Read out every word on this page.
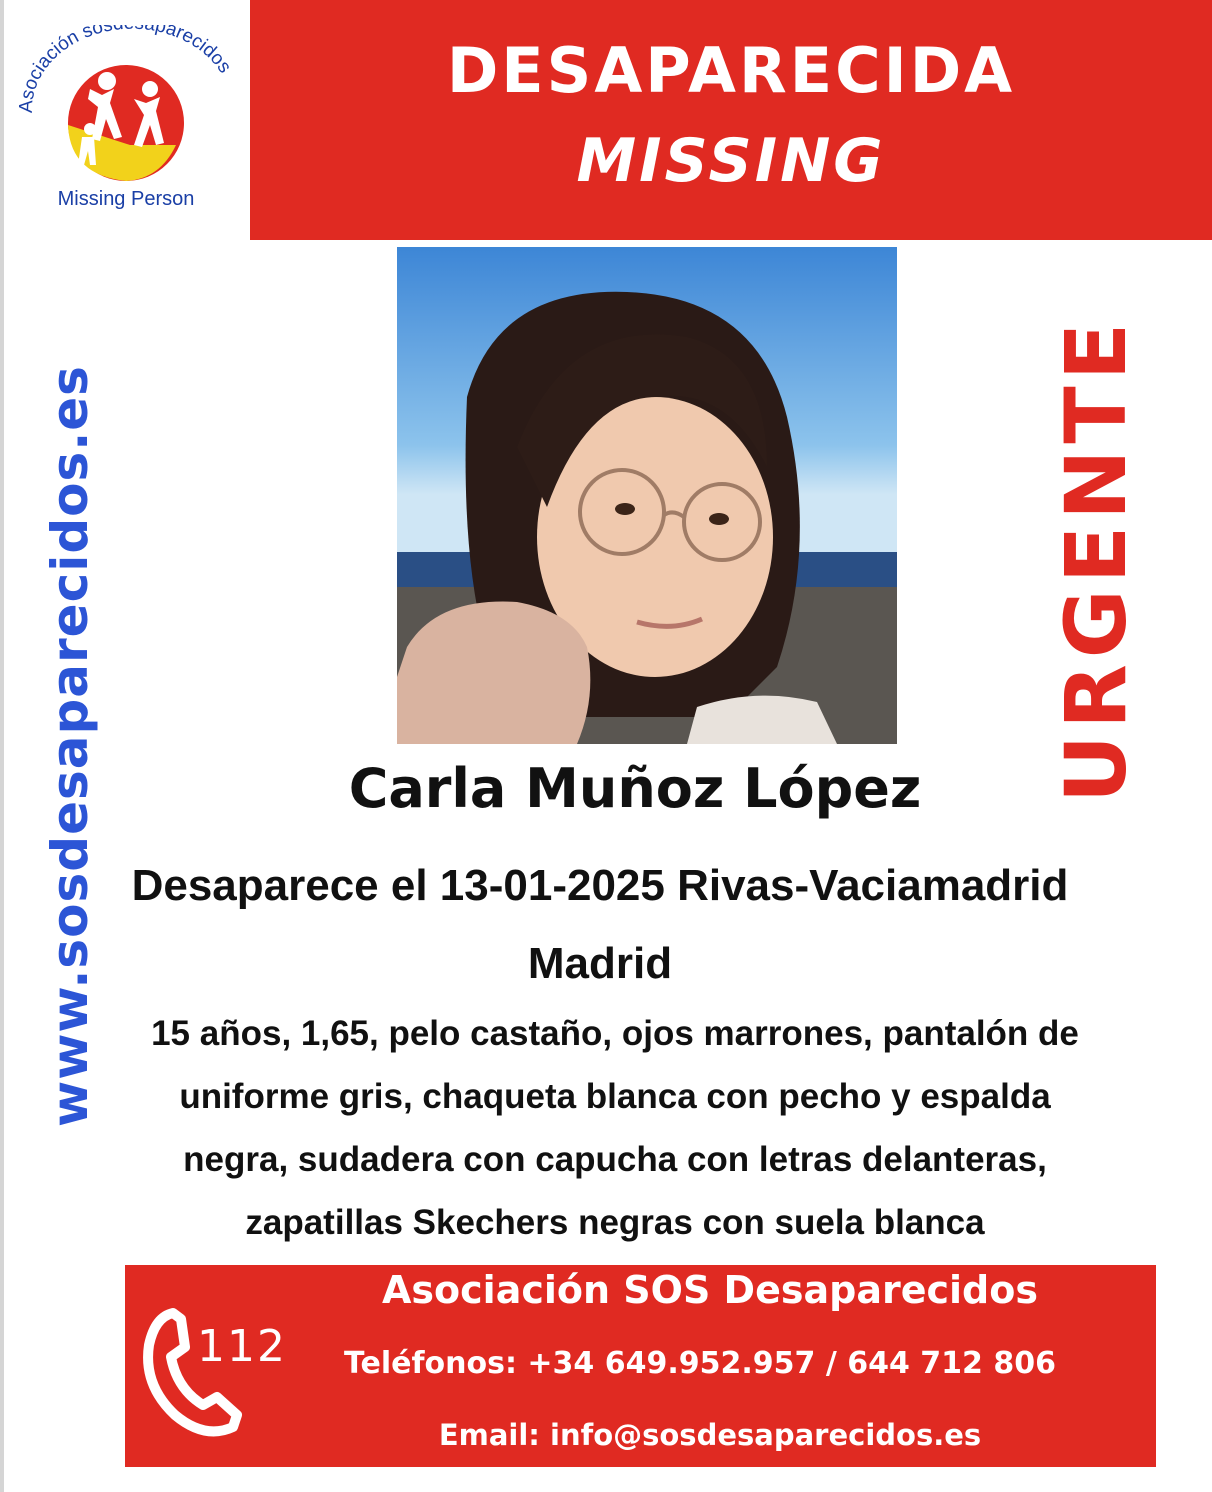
Asociación sos parecidos
Missing Person
DESAPARECIDA
MISSING
www.sosdesaparecidos.es	URGENTE
Carla Muñoz López
Desaparece el 13-01-2025 Rivas-Vaciamadrid
Madrid
15 años, 1,65, pelo castaño, ojos marrones, pantalón de
uniforme gris, chaqueta blanca con pecho y espalda
negra, sudadera con capucha con letras delanteras,
zapatillas Skechers negras con suela blanca
112
Asociación SOS Desaparecidos
Teléfonos: +34 649.952.957 / 644 712 806
Email: info@sosdesaparecidos.es
